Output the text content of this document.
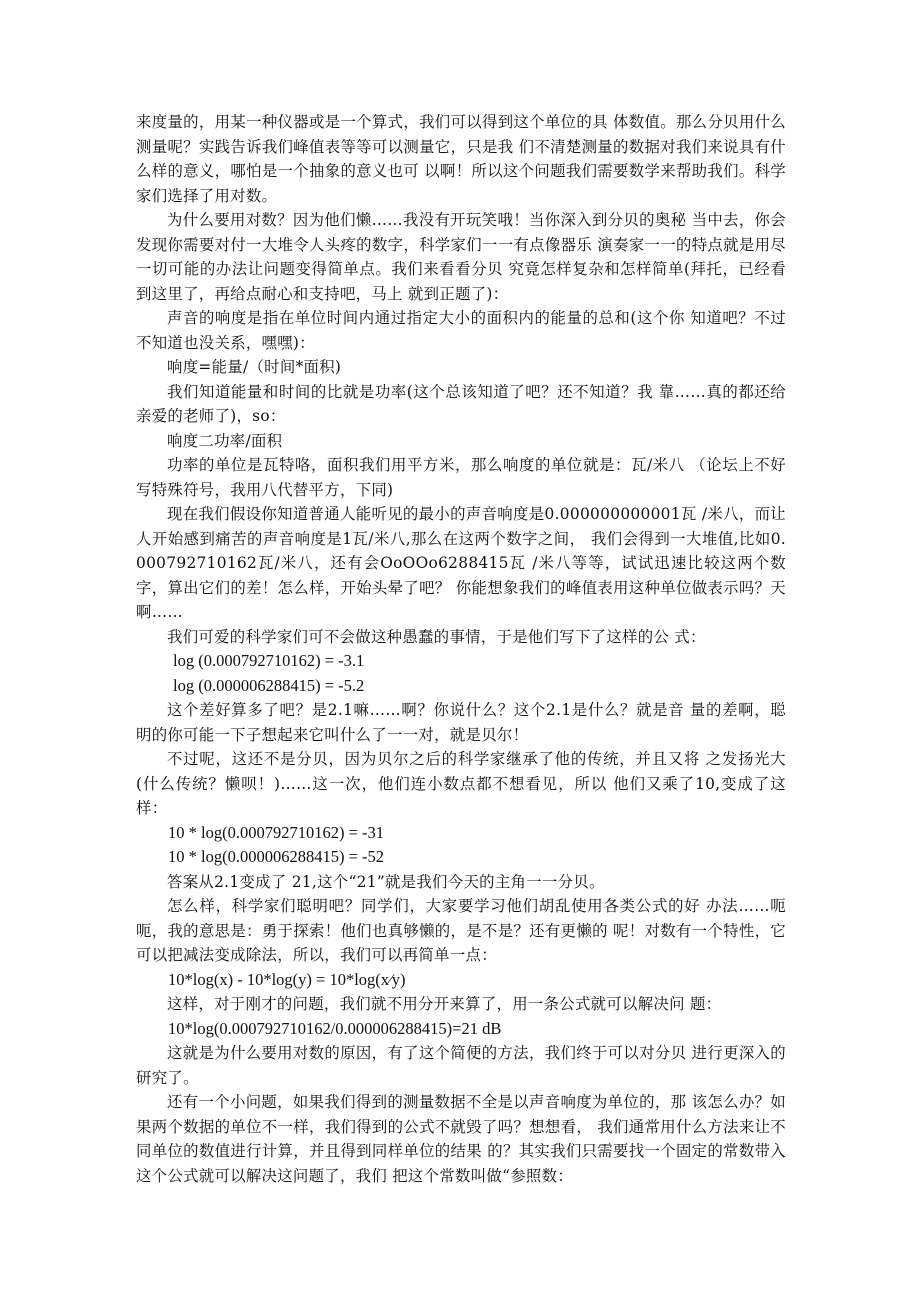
来度量的，用某一种仪器或是一个算式，我们可以得到这个单位的具 体数值。那么分贝用什么测量呢？实践告诉我们峰值表等等可以测量它，只是我 们不清楚测量的数据对我们来说具有什么样的意义，哪怕是一个抽象的意义也可 以啊！所以这个问题我们需要数学来帮助我们。科学家们选择了用对数。

为什么要用对数？因为他们懒……我没有开玩笑哦！当你深入到分贝的奥秘 当中去，你会发现你需要对付一大堆令人头疼的数字，科学家们一一有点像器乐 演奏家一一的特点就是用尽一切可能的办法让问题变得简单点。我们来看看分贝 究竟怎样复杂和怎样简单(拜托，已经看到这里了，再给点耐心和支持吧，马上 就到正题了)：

声音的响度是指在单位时间内通过指定大小的面积内的能量的总和(这个你 知道吧？不过不知道也没关系，嘿嘿)：

响度=能量/（时间*面积)

我们知道能量和时间的比就是功率(这个总该知道了吧？还不知道？我 靠……真的都还给亲爱的老师了)，so：

响度二功率/面积

功率的单位是瓦特咯，面积我们用平方米，那么响度的单位就是：瓦/米八 （论坛上不好写特殊符号，我用八代替平方，下同)

现在我们假设你知道普通人能听见的最小的声音响度是0.000000000001瓦 /米八，而让人开始感到痛苦的声音响度是1瓦/米八,那么在这两个数字之间， 我们会得到一大堆值,比如0.000792710162瓦/米八，还有会OoOOo6288415瓦 /米八等等，试试迅速比较这两个数字，算出它们的差！怎么样，开始头晕了吧？ 你能想象我们的峰值表用这种单位做表示吗？天啊……

我们可爱的科学家们可不会做这种愚蠢的事情，于是他们写下了这样的公 式：

log (0.000792710162) = -3.1

log (0.000006288415) = -5.2

这个差好算多了吧？是2.1嘛……啊？你说什么？这个2.1是什么？就是音 量的差啊，聪明的你可能一下子想起来它叫什么了一一对，就是贝尔！

不过呢，这还不是分贝，因为贝尔之后的科学家继承了他的传统，并且又将 之发扬光大(什么传统？懒呗！)……这一次，他们连小数点都不想看见，所以 他们又乘了10,变成了这样：

10 * log(0.000792710162) = -31

10 * log(0.000006288415) = -52

答案从2.1变成了 21,这个“21”就是我们今天的主角一一分贝。

怎么样，科学家们聪明吧？同学们，大家要学习他们胡乱使用各类公式的好 办法……呃呃，我的意思是：勇于探索！他们也真够懒的，是不是？还有更懒的 呢！对数有一个特性，它可以把减法变成除法，所以，我们可以再简单一点：

10*log(x) - 10*log(y) = 10*log(x∕y)

这样，对于刚才的问题，我们就不用分开来算了，用一条公式就可以解决问 题：

10*log(0.000792710162/0.000006288415)=21 dB

这就是为什么要用对数的原因，有了这个简便的方法，我们终于可以对分贝 进行更深入的研究了。

还有一个小问题，如果我们得到的测量数据不全是以声音响度为单位的，那 该怎么办？如果两个数据的单位不一样，我们得到的公式不就毁了吗？想想看， 我们通常用什么方法来让不同单位的数值进行计算，并且得到同样单位的结果 的？其实我们只需要找一个固定的常数带入这个公式就可以解决这问题了，我们 把这个常数叫做“参照数：
